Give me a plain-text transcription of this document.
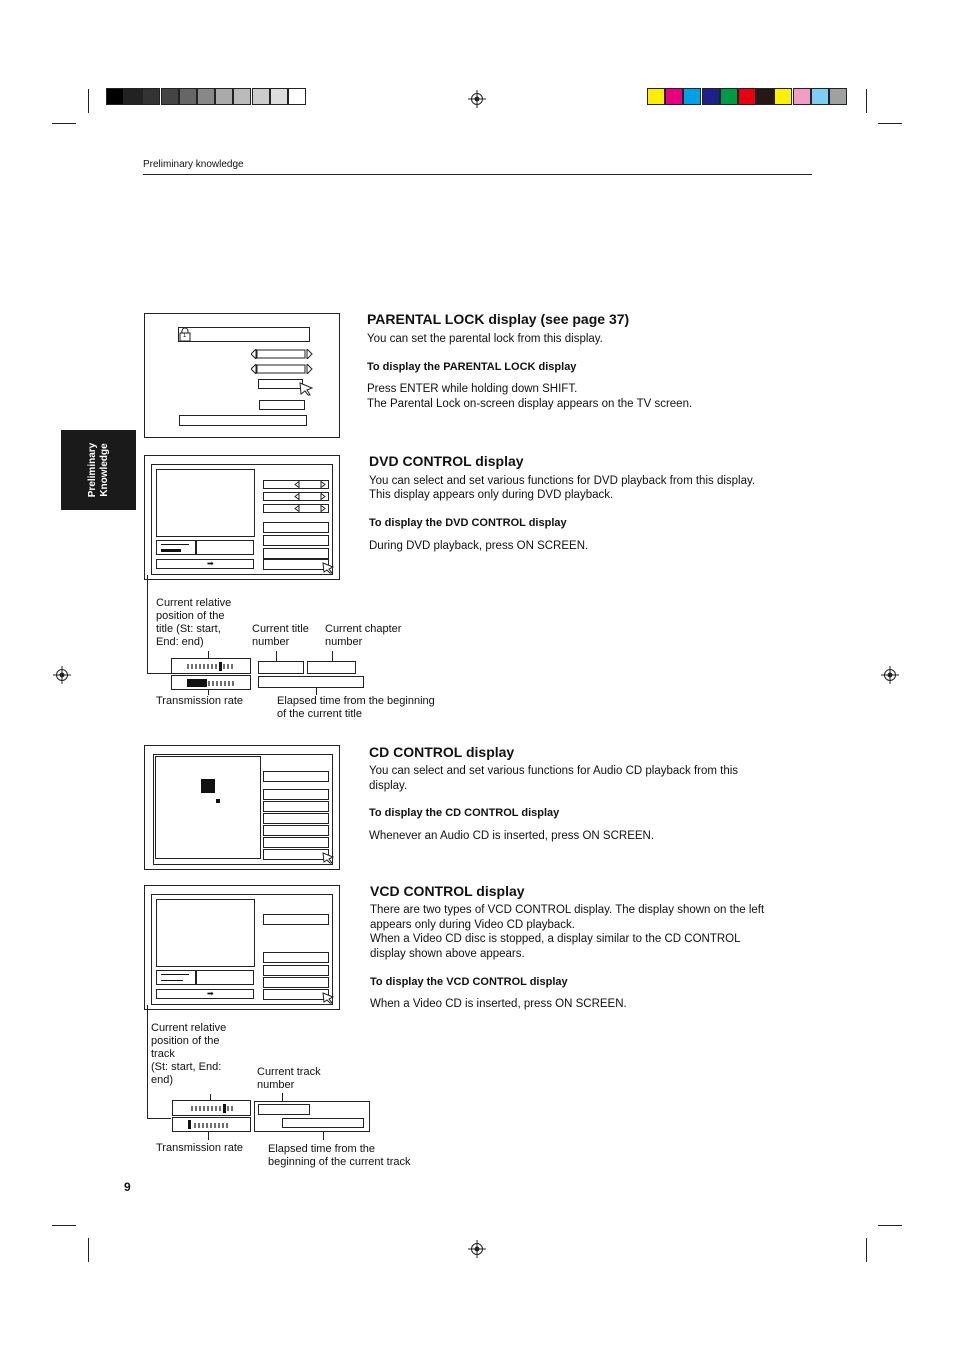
Preliminary knowledge
Preliminary Knowledge
1
PARENTAL LOCK display (see page 37)
You can set the parental lock from this display.
To display the PARENTAL LOCK display
Press ENTER while holding down SHIFT.
The Parental Lock on-screen display appears on the TV screen.
➡
DVD CONTROL display
You can select and set various functions for DVD playback from this display.
This display appears only during DVD playback.
To display the DVD CONTROL display
During DVD playback, press ON SCREEN.
Current relative
position of the
title (St: start,
End: end)
Current title
number
Current chapter
number
Transmission rate	Elapsed time from the beginning
of the current title
CD CONTROL display
You can select and set various functions for Audio CD playback from this
display.
To display the CD CONTROL display
Whenever an Audio CD is inserted, press ON SCREEN.
➡
VCD CONTROL display
There are two types of VCD CONTROL display. The display shown on the left
appears only during Video CD playback.
When a Video CD disc is stopped, a display similar to the CD CONTROL
display shown above appears.
To display the VCD CONTROL display
When a Video CD is inserted, press ON SCREEN.
Current relative
position of the
track
(St: start, End:
end)
Current track
number
Transmission rate Elapsed time from the
beginning of the current track
9
